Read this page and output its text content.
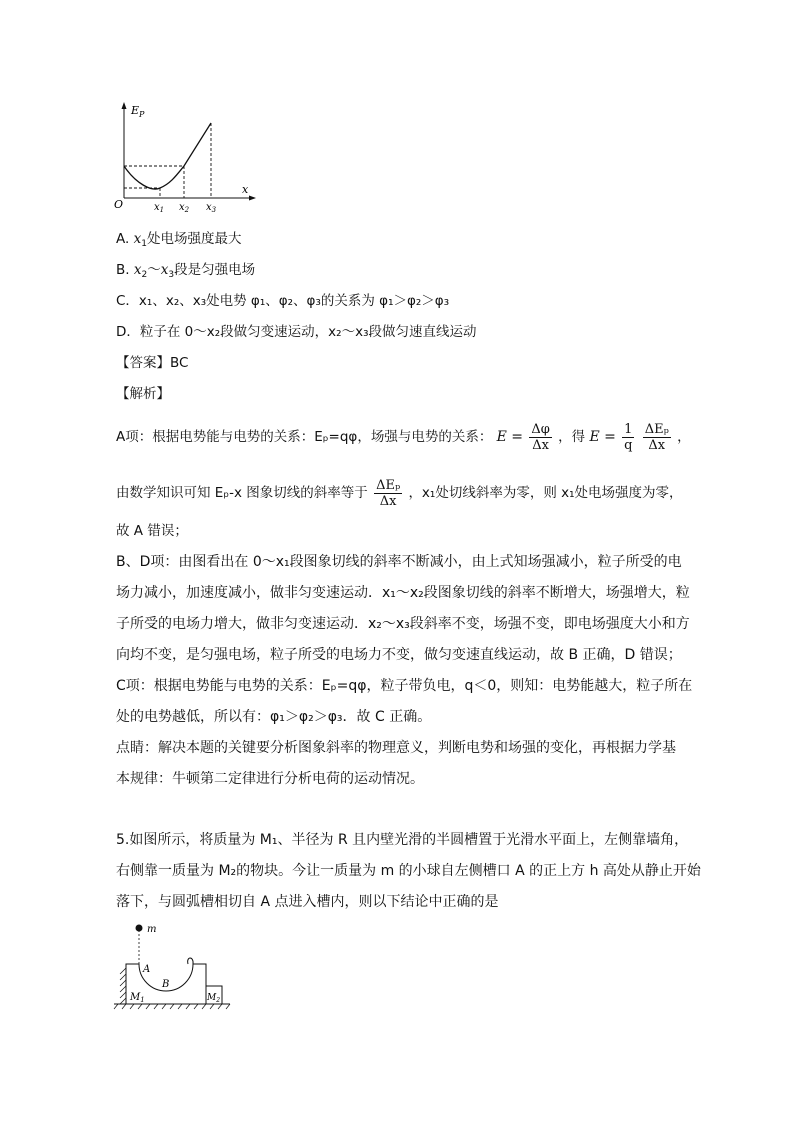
$E_P$
x
O	$x_1$ $x_2$ $x_3$
A. $x_1$处电场强度最大
B. $x_2\sim x_3$段是匀强电场
C．x₁、x₂、x₃处电势 φ₁、φ₂、φ₃的关系为 φ₁＞φ₂＞φ₃
D．粒子在 0～x₂段做匀变速运动，x₂～x₃段做匀速直线运动
【答案】BC
【解析】
A项：根据电势能与电势的关系：Eₚ=qφ，场强与电势的关系： $E = \frac{\Delta\varphi}{\Delta x}$ ，得 $E = \frac{1}{q}$
$\frac{\text{ΔEₚ}}{\Delta x}$ ，
由数学知识可知 Eₚ-x 图象切线的斜率等于 $\frac{\text{ΔEₚ}}{\Delta x}$ ，x₁处切线斜率为零，则 x₁处电场强度为零，
故 A 错误；
B、D项：由图看出在 0～x₁段图象切线的斜率不断减小，由上式知场强减小，粒子所受的电
场力减小，加速度减小，做非匀变速运动．x₁～x₂段图象切线的斜率不断增大，场强增大，粒
子所受的电场力增大，做非匀变速运动．x₂～x₃段斜率不变，场强不变，即电场强度大小和方
向均不变，是匀强电场，粒子所受的电场力不变，做匀变速直线运动，故 B 正确，D 错误；
C项：根据电势能与电势的关系：Eₚ=qφ，粒子带负电，q＜0，则知：电势能越大，粒子所在
处的电势越低，所以有：φ₁＞φ₂＞φ₃．故 C 正确。
点睛：解决本题的关键要分析图象斜率的物理意义，判断电势和场强的变化，再根据力学基
本规律：牛顿第二定律进行分析电荷的运动情况。
5.如图所示，将质量为 M₁、半径为 R 且内壁光滑的半圆槽置于光滑水平面上，左侧靠墙角，
右侧靠一质量为 M₂的物块。今让一质量为 m 的小球自左侧槽口 A 的正上方 h 高处从静止开始
落下，与圆弧槽相切自 A 点进入槽内，则以下结论中正确的是
m
A
B
$M_1$	$M_2$
